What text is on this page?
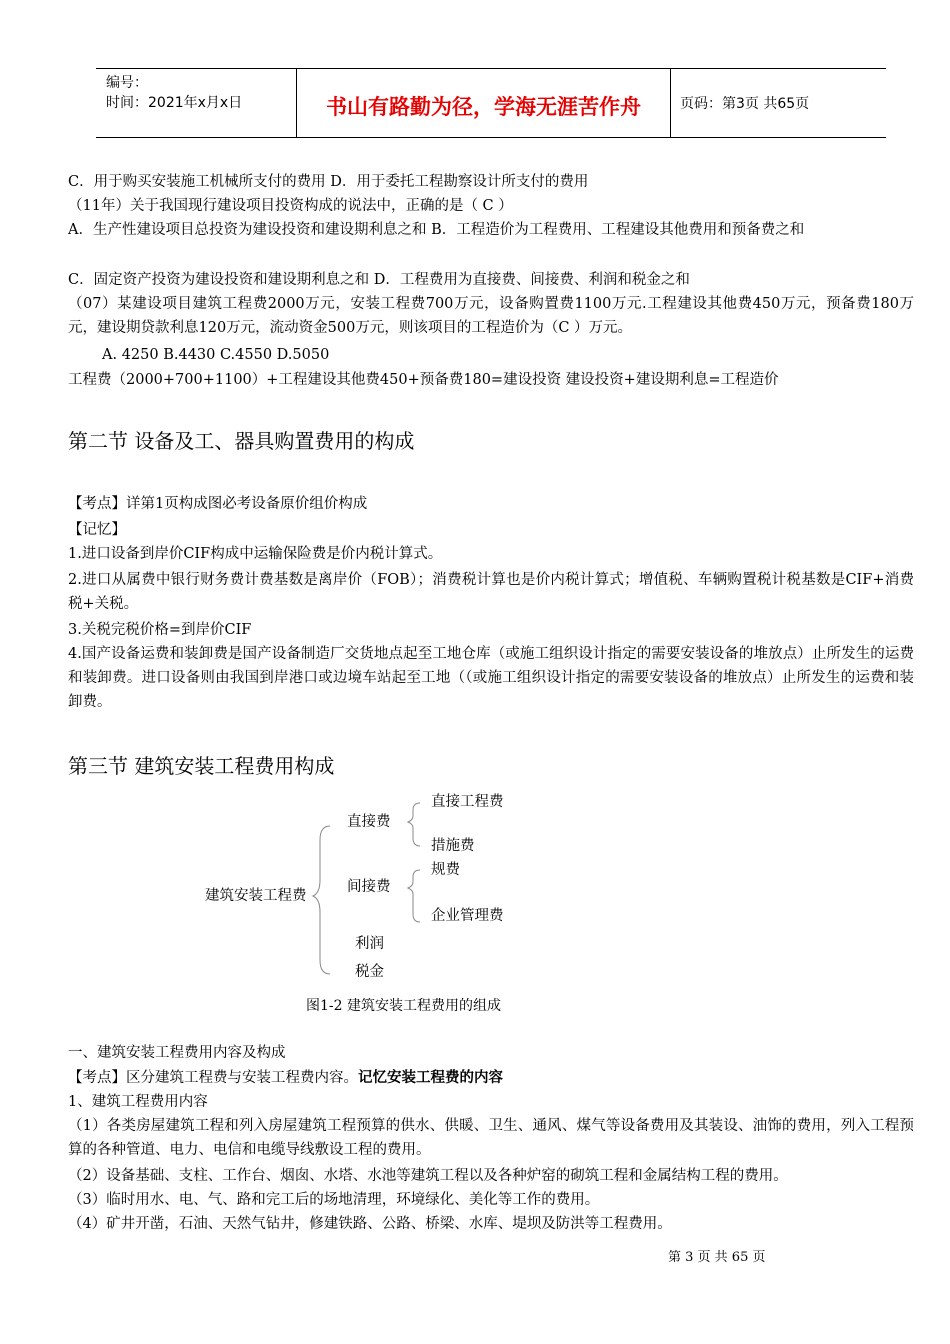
编号：
时间：2021年x月x日	书山有路勤为径，学海无涯苦作舟	页码：第3页 共65页
C．用于购买安装施工机械所支付的费用 D．用于委托工程勘察设计所支付的费用
（11年）关于我国现行建设项目投资构成的说法中，正确的是（ C ）
A．生产性建设项目总投资为建设投资和建设期利息之和 B．工程造价为工程费用、工程建设其他费用和预备费之和
C．固定资产投资为建设投资和建设期利息之和 D．工程费用为直接费、间接费、利润和税金之和
（07）某建设项目建筑工程费2000万元，安装工程费700万元，设备购置费1100万元.工程建设其他费450万元，预备费180万元，建设期贷款利息120万元，流动资金500万元，则该项目的工程造价为（C ）万元。
A. 4250 B.4430 C.4550 D.5050
工程费（2000+700+1100）+工程建设其他费450+预备费180=建设投资 建设投资+建设期利息=工程造价
第二节 设备及工、器具购置费用的构成
【考点】详第1页构成图必考设备原价组价构成
【记忆】
1.进口设备到岸价CIF构成中运输保险费是价内税计算式。
2.进口从属费中银行财务费计费基数是离岸价（FOB）；消费税计算也是价内税计算式；增值税、车辆购置税计税基数是CIF+消费税+关税。
3.关税完税价格=到岸价CIF
4.国产设备运费和装卸费是国产设备制造厂交货地点起至工地仓库（或施工组织设计指定的需要安装设备的堆放点）止所发生的运费和装卸费。进口设备则由我国到岸港口或边境车站起至工地（（或施工组织设计指定的需要安装设备的堆放点）止所发生的运费和装卸费。
第三节 建筑安装工程费用构成
建筑安装工程费
直接费
直接工程费
措施费
间接费
规费
企业管理费
利润
税金
图1-2 建筑安装工程费用的组成
一、建筑安装工程费用内容及构成
【考点】区分建筑工程费与安装工程费内容。记忆安装工程费的内容
1、建筑工程费用内容
（1）各类房屋建筑工程和列入房屋建筑工程预算的供水、供暖、卫生、通风、煤气等设备费用及其装设、油饰的费用，列入工程预算的各种管道、电力、电信和电缆导线敷设工程的费用。
（2）设备基础、支柱、工作台、烟囱、水塔、水池等建筑工程以及各种炉窑的砌筑工程和金属结构工程的费用。
（3）临时用水、电、气、路和完工后的场地清理，环境绿化、美化等工作的费用。
（4）矿井开凿，石油、天然气钻井，修建铁路、公路、桥梁、水库、堤坝及防洪等工程费用。
第 3 页 共 65 页
